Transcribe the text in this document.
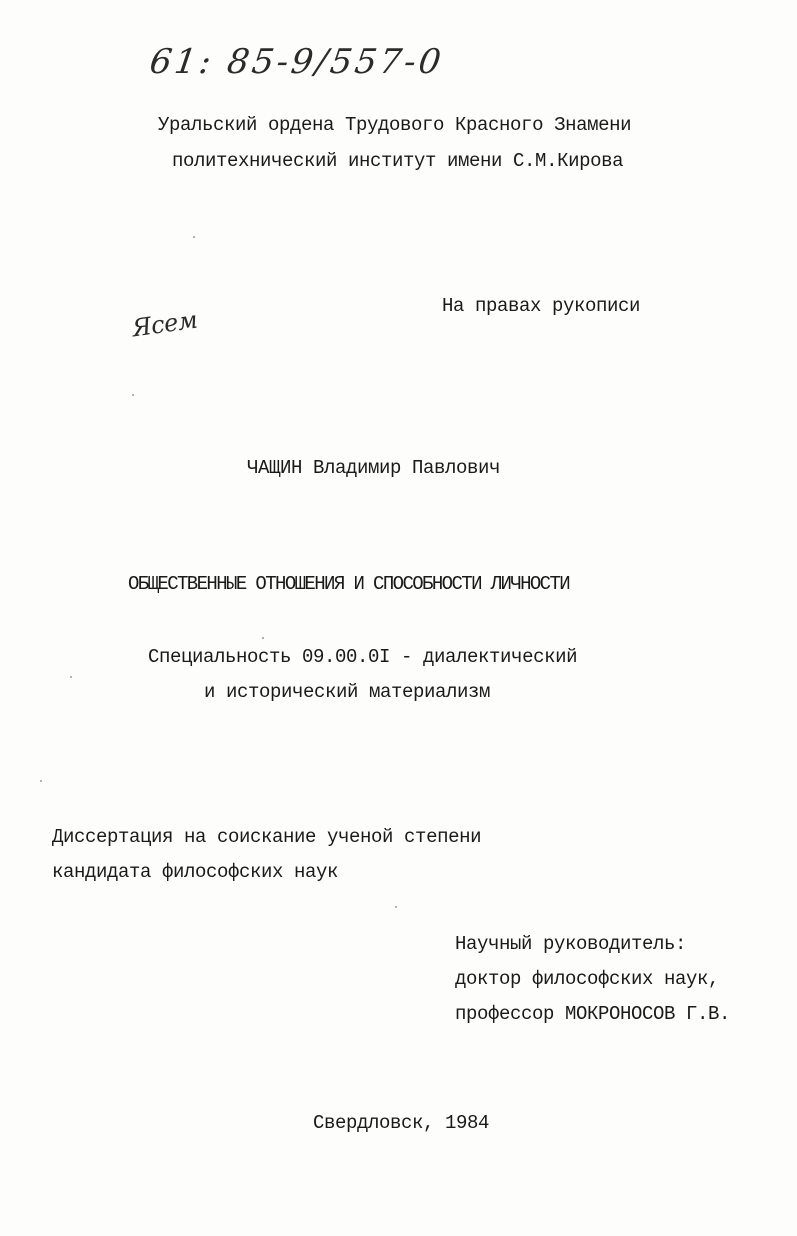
61: 85-9/557-0
Ясем
Уральский ордена Трудового Красного Знамени
политехнический институт имени С.М.Кирова
На правах рукописи
ЧАЩИН Владимир Павлович
ОБЩЕСТВЕННЫЕ ОТНОШЕНИЯ И СПОСОБНОСТИ ЛИЧНОСТИ
Специальность 09.00.0I - диалектический
и исторический материализм
Диссертация на соискание ученой степени
кандидата философских наук
Научный руководитель:
доктор философских наук,
профессор МОКРОНОСОВ Г.В.
Свердловск, 1984
